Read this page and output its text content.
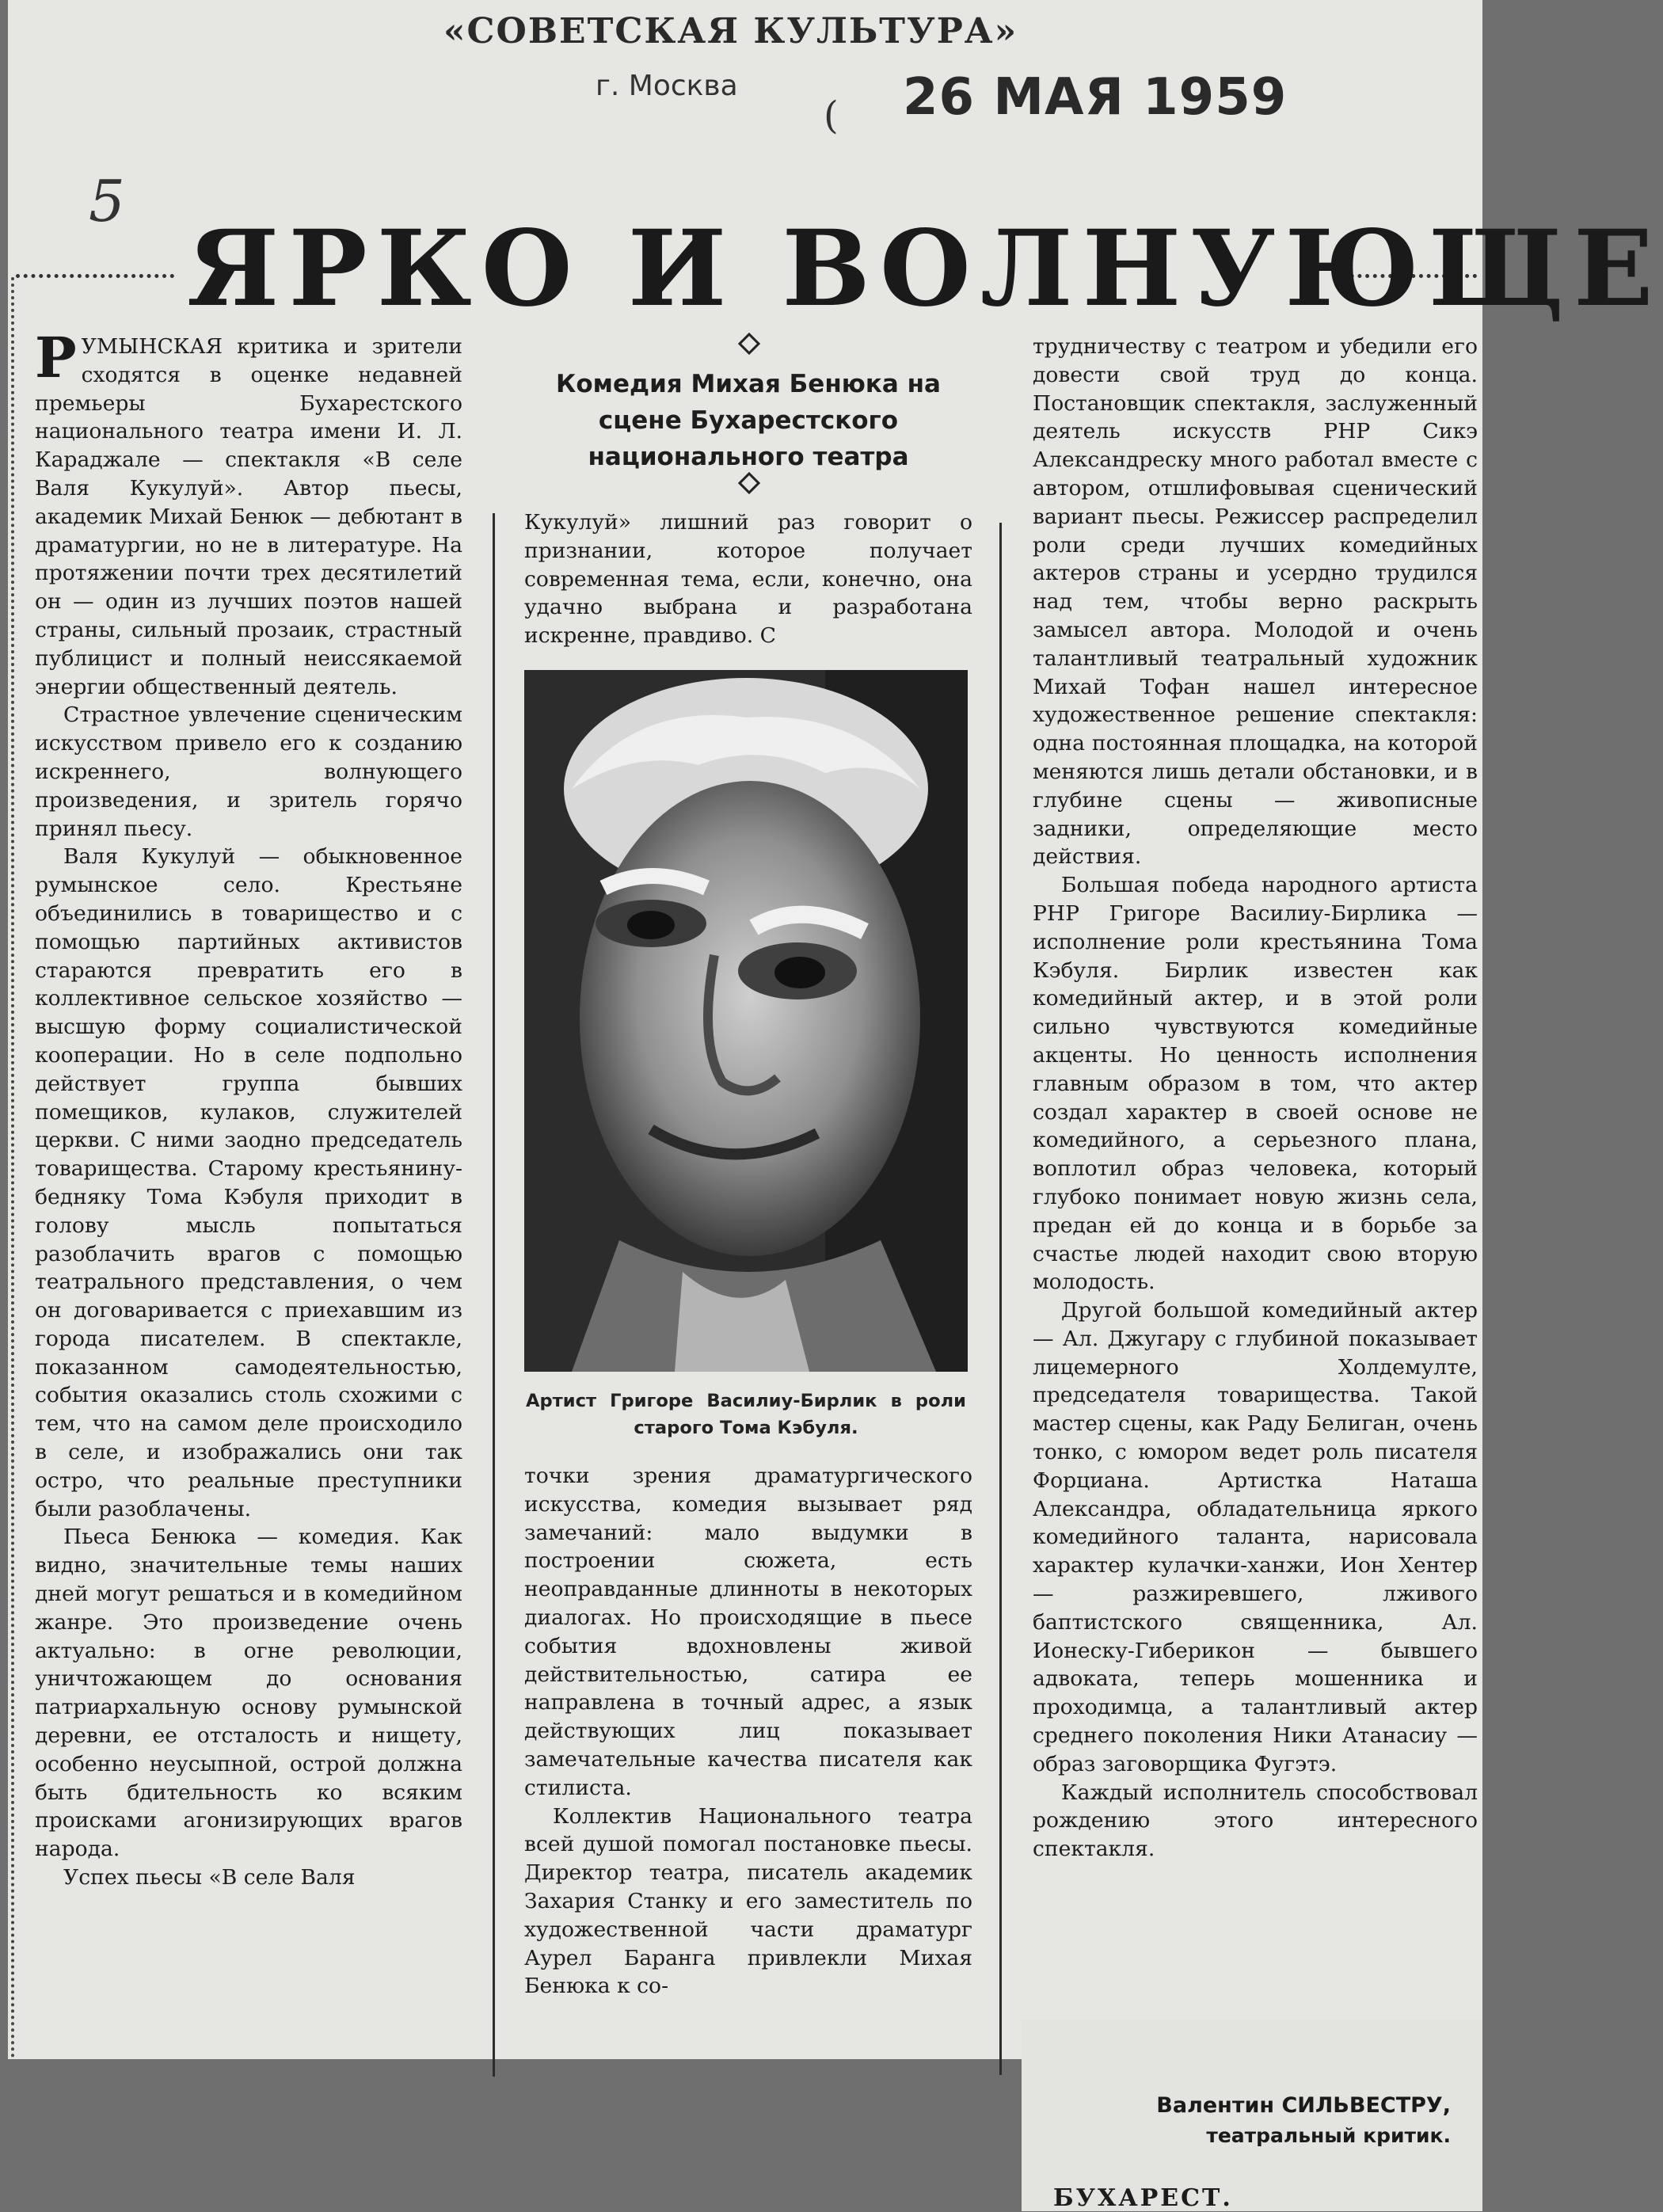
«СОВЕТСКАЯ КУЛЬТУРА»
г. Москва
( 26 МАЯ 1959
5
ЯРКО И ВОЛНУЮЩЕ
Комедия Михая Бенюка на сцене Бухарестского национального театра

РУМЫНСКАЯ критика и зрители сходятся в оценке недавней премьеры Бухарестского национального театра имени И. Л. Караджале — спектакля «В селе Валя Кукулуй». Автор пьесы, академик Михай Бенюк — дебютант в драматургии, но не в литературе. На протяжении почти трех десятилетий он — один из лучших поэтов нашей страны, сильный прозаик, страстный публицист и полный неиссякаемой энергии общественный деятель.

Страстное увлечение сценическим искусством привело его к созданию искреннего, волнующего произведения, и зритель горячо принял пьесу.

Валя Кукулуй — обыкновенное румынское село. Крестьяне объединились в товарищество и с помощью партийных активистов стараются превратить его в коллективное сельское хозяйство — высшую форму социалистической кооперации. Но в селе подпольно действует группа бывших помещиков, кулаков, служителей церкви. С ними заодно председатель товарищества. Старому крестьянину-бедняку Тома Кэбуля приходит в голову мысль попытаться разоблачить врагов с помощью театрального представления, о чем он договаривается с приехавшим из города писателем. В спектакле, показанном самодеятельностью, события оказались столь схожими с тем, что на самом деле происходило в селе, и изображались они так остро, что реальные преступники были разоблачены.

Пьеса Бенюка — комедия. Как видно, значительные темы наших дней могут решаться и в комедийном жанре. Это произведение очень актуально: в огне революции, уничтожающем до основания патриархальную основу румынской деревни, ее отсталость и нищету, особенно неусыпной, острой должна быть бдительность ко всяким происками агонизирующих врагов народа.

Успех пьесы «В селе Валя

Кукулуй» лишний раз говорит о признании, которое получает современная тема, если, конечно, она удачно выбрана и разработана искренне, правдиво. С

Артист Григоре Василиу-Бирлик в роли старого Тома Кэбуля.

точки зрения драматургического искусства, комедия вызывает ряд замечаний: мало выдумки в построении сюжета, есть неоправданные длинноты в некоторых диалогах. Но происходящие в пьесе события вдохновлены живой действительностью, сатира ее направлена в точный адрес, а язык действующих лиц показывает замечательные качества писателя как стилиста.

Коллектив Национального театра всей душой помогал постановке пьесы. Директор театра, писатель академик Захария Станку и его заместитель по художественной части драматург Аурел Баранга привлекли Михая Бенюка к со-

трудничеству с театром и убедили его довести свой труд до конца. Постановщик спектакля, заслуженный деятель искусств РНР Сикэ Александреску много работал вместе с автором, отшлифовывая сценический вариант пьесы. Режиссер распределил роли среди лучших комедийных актеров страны и усердно трудился над тем, чтобы верно раскрыть замысел автора. Молодой и очень талантливый театральный художник Михай Тофан нашел интересное художественное решение спектакля: одна постоянная площадка, на которой меняются лишь детали обстановки, и в глубине сцены — живописные задники, определяющие место действия.

Большая победа народного артиста РНР Григоре Василиу-Бирлика — исполнение роли крестьянина Тома Кэбуля. Бирлик известен как комедийный актер, и в этой роли сильно чувствуются комедийные акценты. Но ценность исполнения главным образом в том, что актер создал характер в своей основе не комедийного, а серьезного плана, воплотил образ человека, который глубоко понимает новую жизнь села, предан ей до конца и в борьбе за счастье людей находит свою вторую молодость.

Другой большой комедийный актер — Ал. Джугару с глубиной показывает лицемерного Холдемулте, председателя товарищества. Такой мастер сцены, как Раду Белиган, очень тонко, с юмором ведет роль писателя Форциана. Артистка Наташа Александра, обладательница яркого комедийного таланта, нарисовала характер кулачки-ханжи, Ион Хентер — разжиревшего, лживого баптистского священника, Ал. Ионеску-Гиберикон — бывшего адвоката, теперь мошенника и проходимца, а талантливый актер среднего поколения Ники Атанасиу — образ заговорщика Фугэтэ.

Каждый исполнитель способствовал рождению этого интересного спектакля.

Валентин СИЛЬВЕСТРУ,
театральный критик.
БУХАРЕСТ.
